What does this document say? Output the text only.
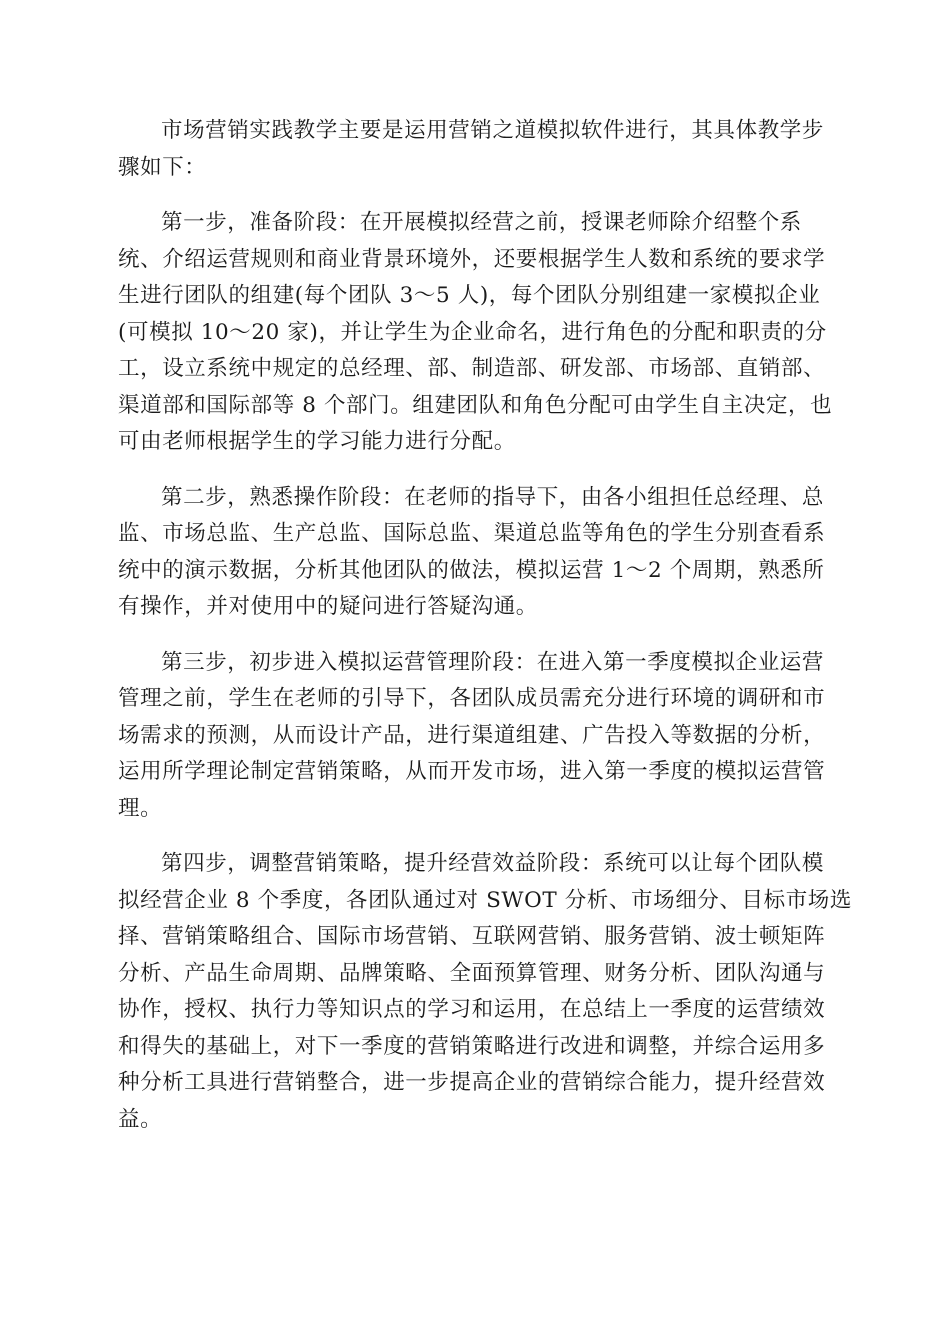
市场营销实践教学主要是运用营销之道模拟软件进行，其具体教学步
骤如下：

第一步，准备阶段：在开展模拟经营之前，授课老师除介绍整个系
统、介绍运营规则和商业背景环境外，还要根据学生人数和系统的要求学
生进行团队的组建(每个团队 3～5 人)，每个团队分别组建一家模拟企业
(可模拟 10～20 家)，并让学生为企业命名，进行角色的分配和职责的分
工，设立系统中规定的总经理、部、制造部、研发部、市场部、直销部、
渠道部和国际部等 8 个部门。组建团队和角色分配可由学生自主决定，也
可由老师根据学生的学习能力进行分配。

第二步，熟悉操作阶段：在老师的指导下，由各小组担任总经理、总
监、市场总监、生产总监、国际总监、渠道总监等角色的学生分别查看系
统中的演示数据，分析其他团队的做法，模拟运营 1～2 个周期，熟悉所
有操作，并对使用中的疑问进行答疑沟通。

第三步，初步进入模拟运营管理阶段：在进入第一季度模拟企业运营
管理之前，学生在老师的引导下，各团队成员需充分进行环境的调研和市
场需求的预测，从而设计产品，进行渠道组建、广告投入等数据的分析，
运用所学理论制定营销策略，从而开发市场，进入第一季度的模拟运营管
理。

第四步，调整营销策略，提升经营效益阶段：系统可以让每个团队模
拟经营企业 8 个季度，各团队通过对 SWOT 分析、市场细分、目标市场选
择、营销策略组合、国际市场营销、互联网营销、服务营销、波士顿矩阵
分析、产品生命周期、品牌策略、全面预算管理、财务分析、团队沟通与
协作，授权、执行力等知识点的学习和运用，在总结上一季度的运营绩效
和得失的基础上，对下一季度的营销策略进行改进和调整，并综合运用多
种分析工具进行营销整合，进一步提高企业的营销综合能力，提升经营效
益。
